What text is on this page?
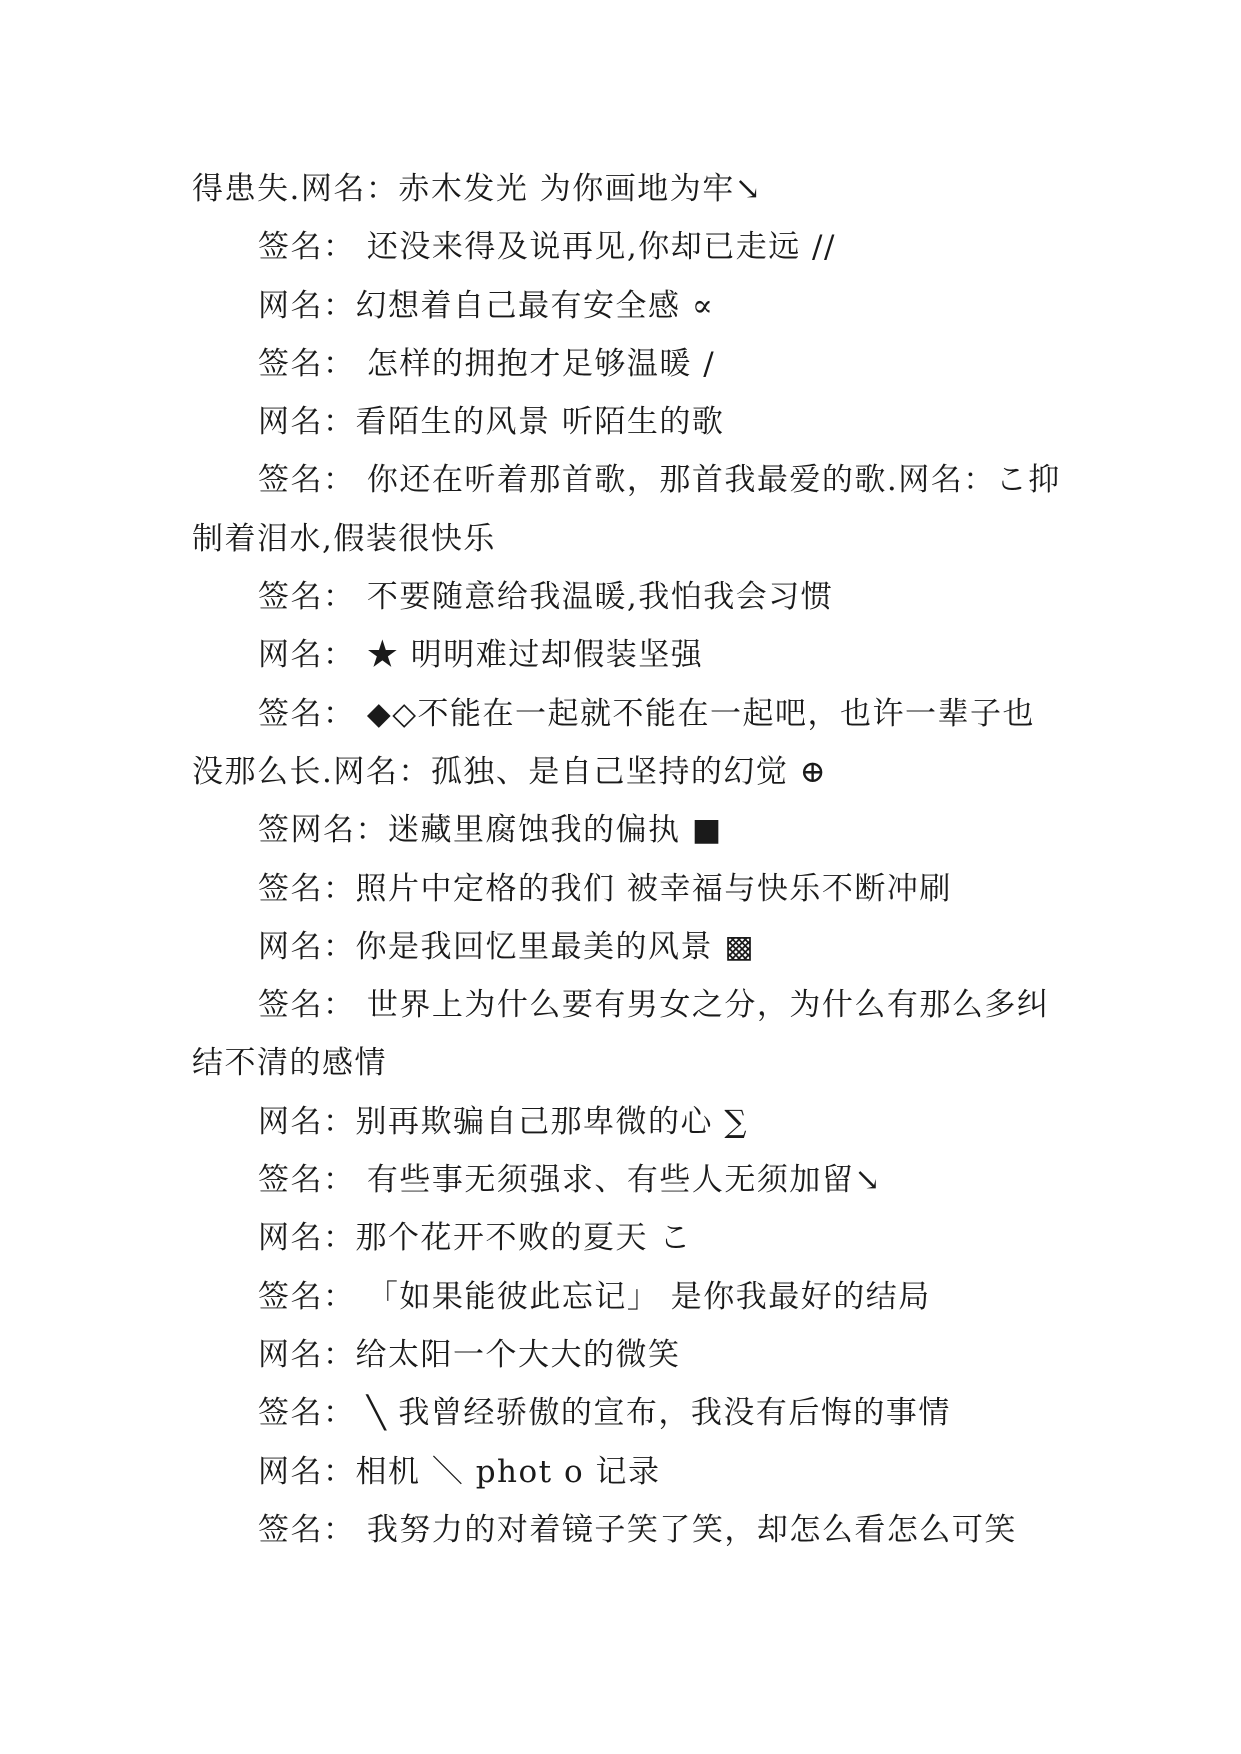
得患失.网名：赤木发光 为你画地为牢↘

签名： 还没来得及说再见,你却已走远 //

网名：幻想着自己最有安全感 ∝

签名： 怎样的拥抱才足够温暖 /

网名：看陌生的风景 听陌生的歌

签名： 你还在听着那首歌，那首我最爱的歌.网名：こ抑制着泪水,假装很快乐

签名： 不要随意给我温暖,我怕我会习惯

网名： ★ 明明难过却假装坚强

签名： ◆◇不能在一起就不能在一起吧，也许一辈子也没那么长.网名：孤独、是自己坚持的幻觉 ⊕

签网名：迷藏里腐蚀我的偏执 ■

签名：照片中定格的我们 被幸福与快乐不断冲刷

网名：你是我回忆里最美的风景 ▩

签名： 世界上为什么要有男女之分，为什么有那么多纠结不清的感情

网名：别再欺骗自己那卑微的心 ∑

签名： 有些事无须强求、有些人无须加留↘

网名：那个花开不败的夏天 こ

签名： 「如果能彼此忘记」 是你我最好的结局

网名：给太阳一个大大的微笑

签名： ╲ 我曾经骄傲的宣布，我没有后悔的事情

网名：相机 ＼ phot o 记录

签名： 我努力的对着镜子笑了笑，却怎么看怎么可笑
